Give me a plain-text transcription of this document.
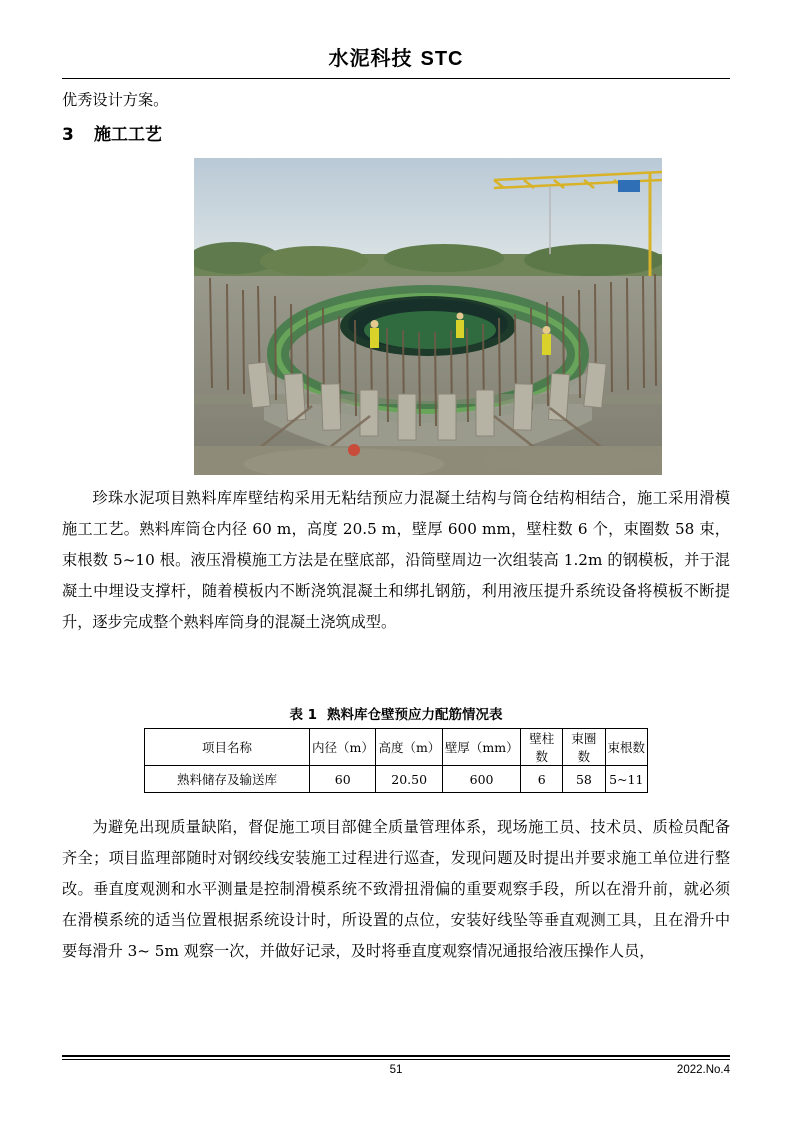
水泥科技 STC
优秀设计方案。
3 施工工艺

珍珠水泥项目熟料库库壁结构采用无粘结预应力混凝土结构与筒仓结构相结合，施工采用滑模施工工艺。熟料库筒仓内径 60 m，高度 20.5 m，壁厚 600 mm，壁柱数 6 个，束圈数 58 束，束根数 5~10 根。液压滑模施工方法是在壁底部，沿筒壁周边一次组装高 1.2m 的钢模板，并于混凝土中埋设支撑杆，随着模板内不断浇筑混凝土和绑扎钢筋，利用液压提升系统设备将模板不断提升，逐步完成整个熟料库筒身的混凝土浇筑成型。

表 1 熟料库仓壁预应力配筋情况表
项目名称	内径（m）	高度（m）	壁厚（mm）	壁柱数	束圈数	束根数
熟料储存及输送库	60	20.50	600	6	58	5~11

为避免出现质量缺陷，督促施工项目部健全质量管理体系，现场施工员、技术员、质检员配备齐全；项目监理部随时对钢绞线安装施工过程进行巡查，发现问题及时提出并要求施工单位进行整改。垂直度观测和水平测量是控制滑模系统不致滑扭滑偏的重要观察手段，所以在滑升前，就必须在滑模系统的适当位置根据系统设计时，所设置的点位，安装好线坠等垂直观测工具，且在滑升中要每滑升 3~ 5m 观察一次，并做好记录，及时将垂直度观察情况通报给液压操作人员，

51	2022.No.4
